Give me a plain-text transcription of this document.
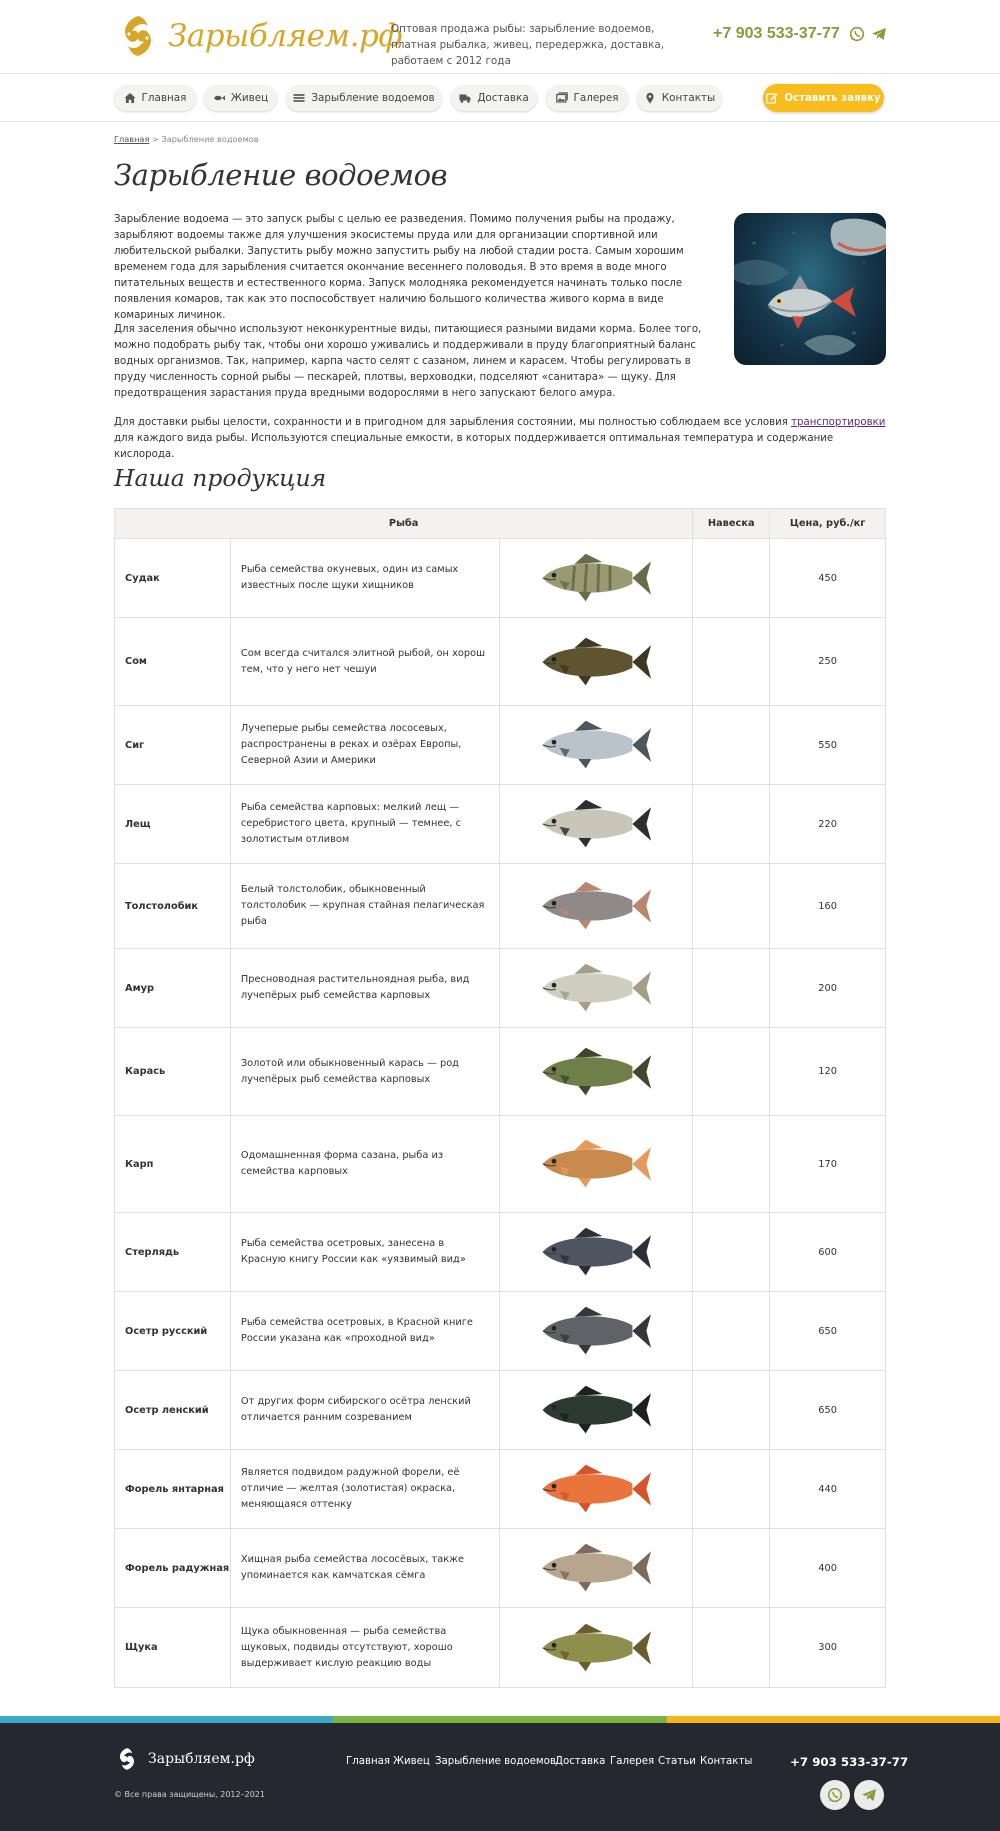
Зарыбляем.рф
Оптовая продажа рыбы: зарыбление водоемов, платная рыбалка, живец, передержка, доставка, работаем с 2012 года
+7 903 533-37-77
Главная	Живец	Зарыбление водоемов	Доставка	Галерея	Контакты	Оставить заявку
Главная > Зарыбление водоемов
Зарыбление водоемов

Зарыбление водоема — это запуск рыбы с целью ее разведения. Помимо получения рыбы на продажу, зарыбляют водоемы также для улучшения экосистемы пруда или для организации спортивной или любительской рыбалки. Запустить рыбу можно запустить рыбу на любой стадии роста. Самым хорошим временем года для зарыбления считается окончание весеннего половодья. В это время в воде много питательных веществ и естественного корма. Запуск молодняка рекомендуется начинать только после появления комаров, так как это поспособствует наличию большого количества живого корма в виде комариных личинок.

Для заселения обычно используют неконкурентные виды, питающиеся разными видами корма. Более того, можно подобрать рыбу так, чтобы они хорошо уживались и поддерживали в пруду благоприятный баланс водных организмов. Так, например, карпа часто селят с сазаном, линем и карасем. Чтобы регулировать в пруду численность сорной рыбы — пескарей, плотвы, верховодки, подселяют «санитара» — щуку. Для предотвращения зарастания пруда вредными водорослями в него запускают белого амура.

Для доставки рыбы целости, сохранности и в пригодном для зарыбления состоянии, мы полностью соблюдаем все условия транспортировки для каждого вида рыбы. Используются специальные емкости, в которых поддерживается оптимальная температура и содержание кислорода.

Наша продукция
Рыба			Навеска	Цена, руб./кг
Судак	Рыба семейства окуневых, один из самых известных после щуки хищников			450
Сом	Сом всегда считался элитной рыбой, он хорош тем, что у него нет чешуи			250
Сиг	Лучеперые рыбы семейства лососевых, распространены в реках и озёрах Европы, Северной Азии и Америки			550
Лещ	Рыба семейства карповых: мелкий лещ — серебристого цвета, крупный — темнее, с золотистым отливом			220
Толстолобик	Белый толстолобик, обыкновенный толстолобик — крупная стайная пелагическая рыба			160
Амур	Пресноводная растительноядная рыба, вид лучепёрых рыб семейства карповых			200
Карась	Золотой или обыкновенный карась — род лучепёрых рыб семейства карповых			120
Карп	Одомашненная форма сазана, рыба из семейства карповых			170
Стерлядь	Рыба семейства осетровых, занесена в Красную книгу России как «уязвимый вид»			600
Осетр русский	Рыба семейства осетровых, в Красной книге России указана как «проходной вид»			650
Осетр ленский	От других форм сибирского осётра ленский отличается ранним созреванием			650
Форель янтарная	Является подвидом радужной форели, её отличие — желтая (золотистая) окраска, меняющаяся оттенку			440
Форель радужная	Хищная рыба семейства лососёвых, также упоминается как камчатская сёмга			400
Щука	Щука обыкновенная — рыба семейства щуковых, подвиды отсутствуют, хорошо выдерживает кислую реакцию воды			300
Зарыбляем.рф	Главная Живец Зарыбление водоемов Доставка Галерея Статьи Контакты	+7 903 533-37-77
© Все права защищены, 2012–2021
